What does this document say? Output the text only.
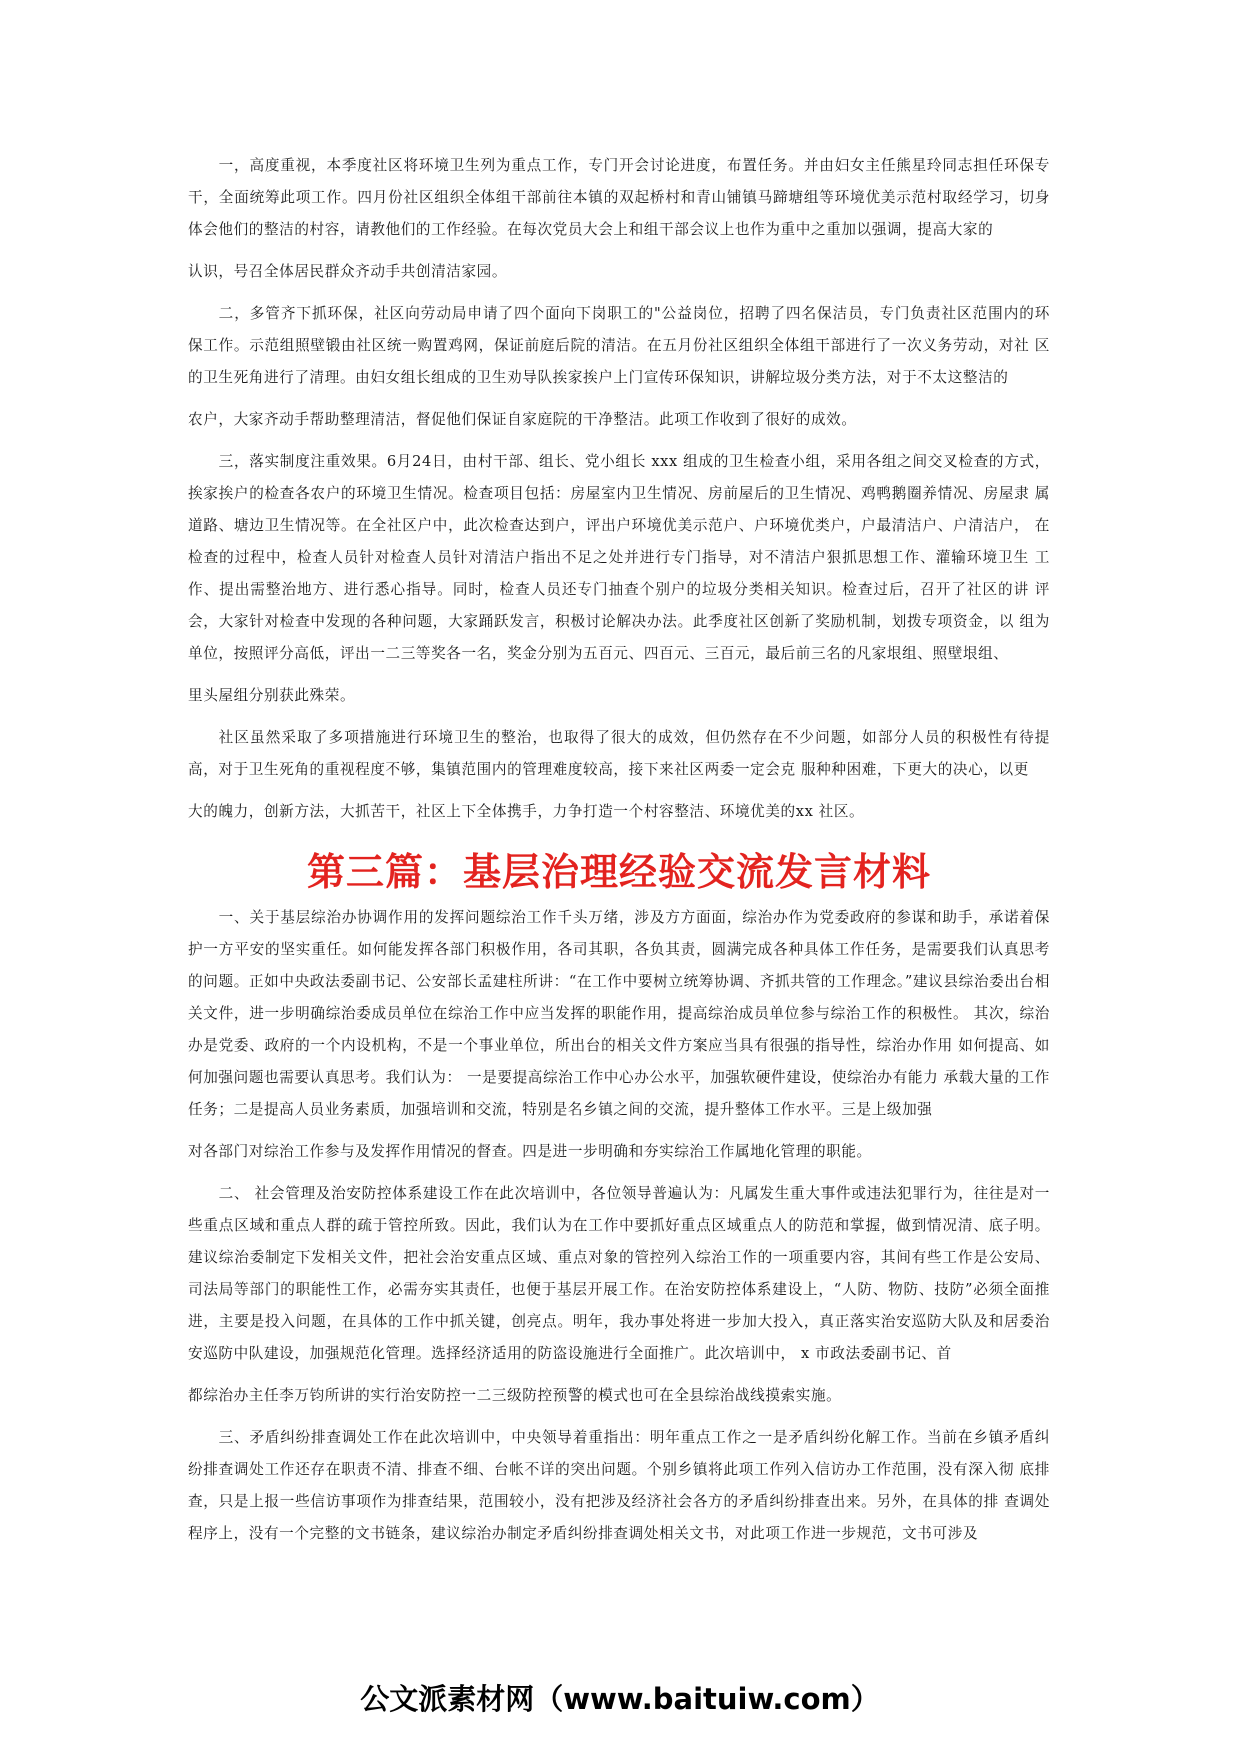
一，高度重视，本季度社区将环境卫生列为重点工作，专门开会讨论进度，布置任务。并由妇女主任熊星玲同志担任环保专干，全面统筹此项工作。四月份社区组织全体组干部前往本镇的双起桥村和青山铺镇马蹄塘组等环境优美示范村取经学习，切身体会他们的整洁的村容，请教他们的工作经验。在每次党员大会上和组干部会议上也作为重中之重加以强调，提高大家的

认识，号召全体居民群众齐动手共创清洁家园。

二，多管齐下抓环保，社区向劳动局申请了四个面向下岗职工的"公益岗位，招聘了四名保洁员，专门负责社区范围内的环 保工作。示范组照壁锻由社区统一购置鸡网，保证前庭后院的清洁。在五月份社区组织全体组干部进行了一次义务劳动，对社 区的卫生死角进行了清理。由妇女组长组成的卫生劝导队挨家挨户上门宣传环保知识，讲解垃圾分类方法，对于不太这整洁的

农户，大家齐动手帮助整理清洁，督促他们保证自家庭院的干净整洁。此项工作收到了很好的成效。

三，落实制度注重效果。6月24日，由村干部、组长、党小组长 xxx 组成的卫生检查小组，采用各组之间交叉检查的方式， 挨家挨户的检查各农户的环境卫生情况。检查项目包括：房屋室内卫生情况、房前屋后的卫生情况、鸡鸭鹅圈养情况、房屋隶 属道路、塘边卫生情况等。在全社区户中，此次检查达到户，评出户环境优美示范户、户环境优类户，户最清洁户、户清洁户， 在检查的过程中，检查人员针对检查人员针对清洁户指出不足之处并进行专门指导，对不清洁户狠抓思想工作、灌输环境卫生 工作、提出需整治地方、进行悉心指导。同时，检查人员还专门抽查个别户的垃圾分类相关知识。检查过后，召开了社区的讲 评会，大家针对检查中发现的各种问题，大家踊跃发言，积极讨论解决办法。此季度社区创新了奖励机制，划拨专项资金，以 组为单位，按照评分高低，评出一二三等奖各一名，奖金分别为五百元、四百元、三百元，最后前三名的凡家垠组、照壁垠组、

里头屋组分别获此殊荣。

社区虽然采取了多项措施进行环境卫生的整治，也取得了很大的成效，但仍然存在不少问题，如部分人员的积极性有待提高，对于卫生死角的重视程度不够，集镇范围内的管理难度较高，接下来社区两委一定会克 服种种困难，下更大的决心，以更

大的魄力，创新方法，大抓苦干，社区上下全体携手，力争打造一个村容整洁、环境优美的xx 社区。

第三篇：基层治理经验交流发言材料

一、关于基层综治办协调作用的发挥问题综治工作千头万绪，涉及方方面面，综治办作为党委政府的参谋和助手，承诺着保护一方平安的坚实重任。如何能发挥各部门积极作用，各司其职，各负其责，圆满完成各种具体工作任务，是需要我们认真思考的问题。正如中央政法委副书记、公安部长孟建柱所讲：“在工作中要树立统筹协调、齐抓共管的工作理念。”建议县综治委出台相关文件，进一步明确综治委成员单位在综治工作中应当发挥的职能作用，提高综治成员单位参与综治工作的积极性。 其次，综治办是党委、政府的一个内设机构，不是一个事业单位，所出台的相关文件方案应当具有很强的指导性，综治办作用 如何提高、如何加强问题也需要认真思考。我们认为： 一是要提高综治工作中心办公水平，加强软硬件建设，使综治办有能力 承载大量的工作任务；二是提高人员业务素质，加强培训和交流，特别是名乡镇之间的交流，提升整体工作水平。三是上级加强

对各部门对综治工作参与及发挥作用情况的督查。四是进一步明确和夯实综治工作属地化管理的职能。

二、 社会管理及治安防控体系建设工作在此次培训中，各位领导普遍认为：凡属发生重大事件或违法犯罪行为，往往是对一些重点区域和重点人群的疏于管控所致。因此，我们认为在工作中要抓好重点区域重点人的防范和掌握，做到情况清、底子明。建议综治委制定下发相关文件，把社会治安重点区域、重点对象的管控列入综治工作的一项重要内容，其间有些工作是公安局、司法局等部门的职能性工作，必需夯实其责任，也便于基层开展工作。在治安防控体系建设上，“人防、物防、技防”必须全面推进，主要是投入问题，在具体的工作中抓关键，创亮点。明年，我办事处将进一步加大投入，真正落实治安巡防大队及和居委治安巡防中队建设，加强规范化管理。选择经济适用的防盗设施进行全面推广。此次培训中， x 市政法委副书记、首

都综治办主任李万钧所讲的实行治安防控一二三级防控预警的模式也可在全县综治战线摸索实施。

三、矛盾纠纷排查调处工作在此次培训中，中央领导着重指出：明年重点工作之一是矛盾纠纷化解工作。当前在乡镇矛盾纠纷排查调处工作还存在职责不清、排查不细、台帐不详的突出问题。个别乡镇将此项工作列入信访办工作范围，没有深入彻 底排查，只是上报一些信访事项作为排查结果，范围较小，没有把涉及经济社会各方的矛盾纠纷排查出来。另外，在具体的排 查调处程序上，没有一个完整的文书链条，建议综治办制定矛盾纠纷排查调处相关文书，对此项工作进一步规范，文书可涉及

公文派素材网（www.baituiw.com）
